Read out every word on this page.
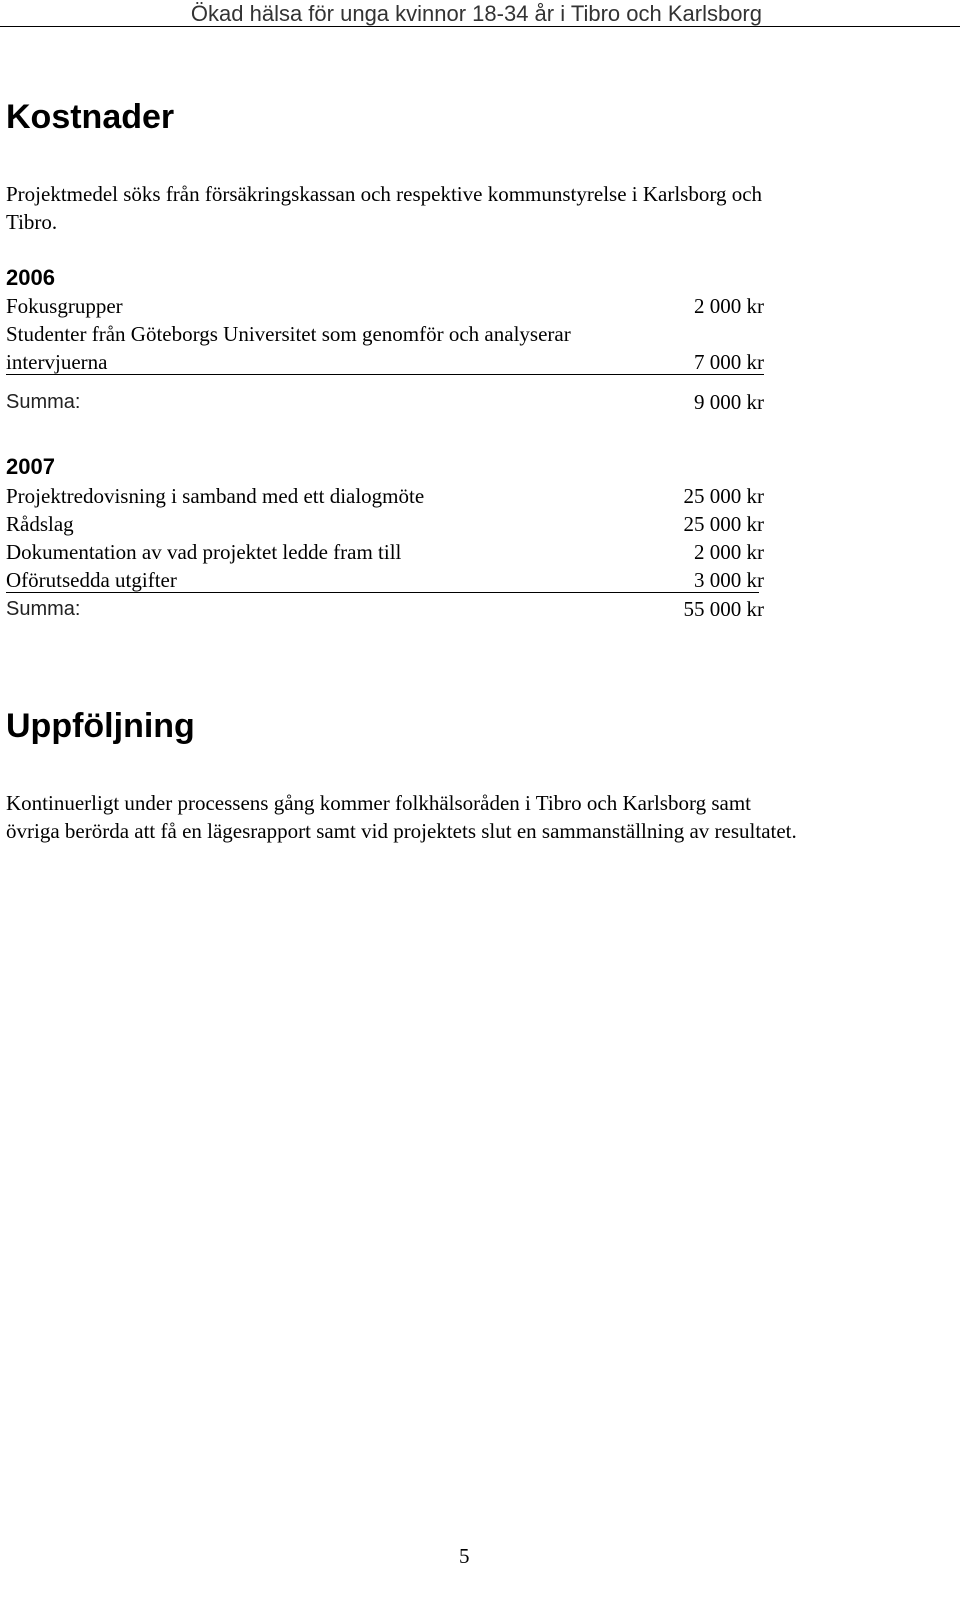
Ökad hälsa för unga kvinnor 18-34 år i Tibro och Karlsborg
Kostnader
Projektmedel söks från försäkringskassan och respektive kommunstyrelse i Karlsborg och
Tibro.
2006
Fokusgrupper	2 000 kr
Studenter från Göteborgs Universitet som genomför och analyserar
intervjuerna	7 000 kr
Summa:	9 000 kr
2007
Projektredovisning i samband med ett dialogmöte	25 000 kr
Rådslag	25 000 kr
Dokumentation av vad projektet ledde fram till	2 000 kr
Oförutsedda utgifter	3 000 kr
Summa:	55 000 kr
Uppföljning
Kontinuerligt under processens gång kommer folkhälsoråden i Tibro och Karlsborg samt
övriga berörda att få en lägesrapport samt vid projektets slut en sammanställning av resultatet.
5
